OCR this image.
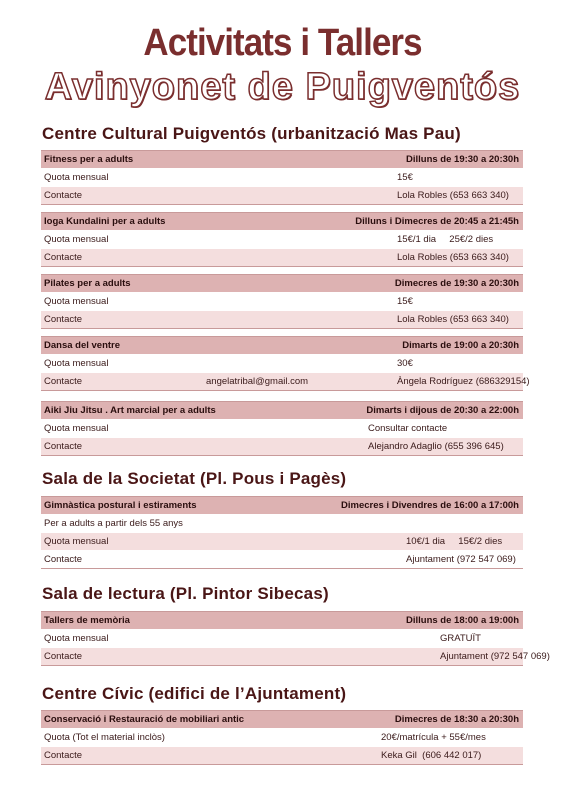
Activitats i Tallers
Avinyonet de Puigventós
Centre Cultural Puigventós (urbanització Mas Pau)
Fitness per a adults	Dilluns de 19:30 a 20:30h
Quota mensual	15€
Contacte	Lola Robles (653 663 340)
Ioga Kundalini per a adults	Dilluns i Dimecres de 20:45 a 21:45h
Quota mensual	15€/1 dia     25€/2 dies
Contacte	Lola Robles (653 663 340)
Pilates per a adults	Dimecres de 19:30 a 20:30h
Quota mensual	15€
Contacte	Lola Robles (653 663 340)
Dansa del ventre	Dimarts de 19:00 a 20:30h
Quota mensual	30€
Contacte	angelatribal@gmail.com	Àngela Rodríguez (686329154)
Aiki Jiu Jitsu . Art marcial per a adults	Dimarts i dijous de 20:30 a 22:00h
Quota mensual	Consultar contacte
Contacte	Alejandro Adaglio (655 396 645)
Sala de la Societat (Pl. Pous i Pagès)
Gimnàstica postural i estiraments	Dimecres i Divendres de 16:00 a 17:00h
Per a adults a partir dels 55 anys
Quota mensual	10€/1 dia     15€/2 dies
Contacte	Ajuntament (972 547 069)
Sala de lectura (Pl. Pintor Sibecas)
Tallers de memòria	Dilluns de 18:00 a 19:00h
Quota mensual	GRATUÏT
Contacte	Ajuntament (972 547 069)
Centre Cívic (edifici de l’Ajuntament)
Conservació i Restauració de mobiliari antic	Dimecres de 18:30 a 20:30h
Quota (Tot el material inclòs)	20€/matrícula + 55€/mes
Contacte	Keka Gil  (606 442 017)
